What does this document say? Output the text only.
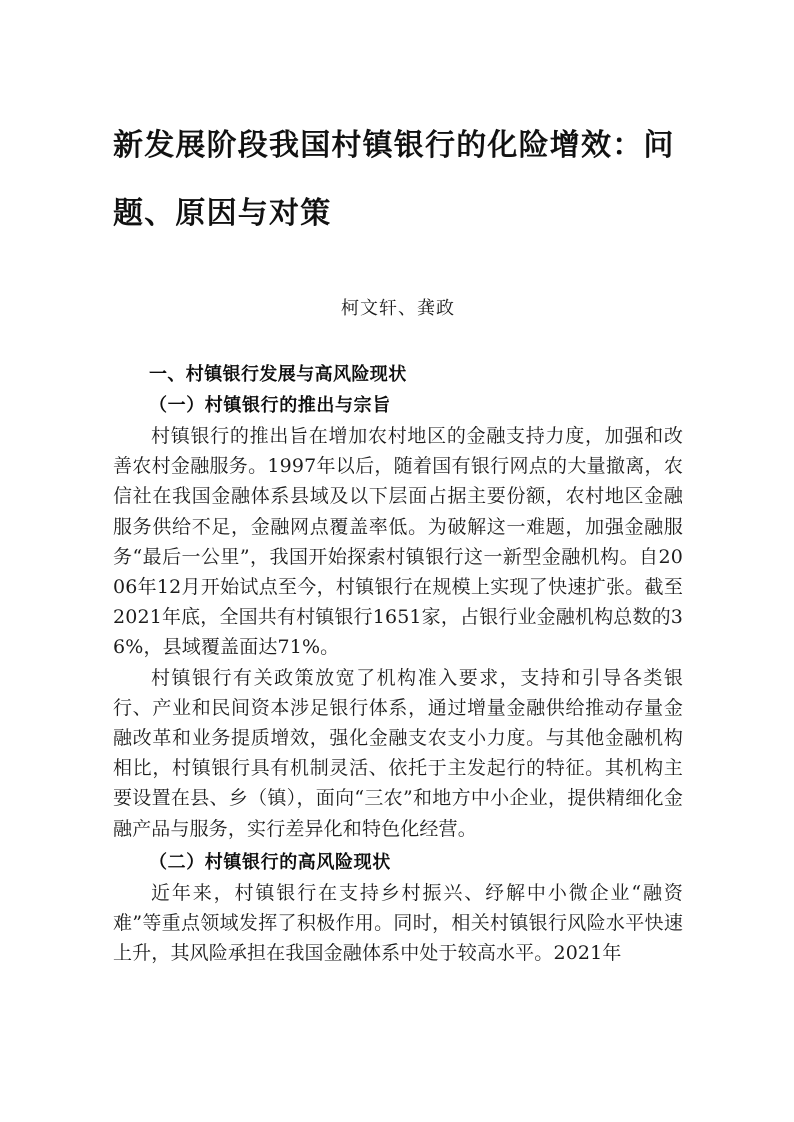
新发展阶段我国村镇银行的化险增效：问
题、原因与对策

柯文轩、龚政

一、村镇银行发展与高风险现状
（一）村镇银行的推出与宗旨

村镇银行的推出旨在增加农村地区的金融支持力度，加强和改善农村金融服务。1997年以后，随着国有银行网点的大量撤离，农信社在我国金融体系县域及以下层面占据主要份额，农村地区金融服务供给不足，金融网点覆盖率低。为破解这一难题，加强金融服务“最后一公里”，我国开始探索村镇银行这一新型金融机构。自2006年12月开始试点至今，村镇银行在规模上实现了快速扩张。截至2021年底，全国共有村镇银行1651家，占银行业金融机构总数的36%，县域覆盖面达71%。

村镇银行有关政策放宽了机构准入要求，支持和引导各类银行、产业和民间资本涉足银行体系，通过增量金融供给推动存量金融改革和业务提质增效，强化金融支农支小力度。与其他金融机构相比，村镇银行具有机制灵活、依托于主发起行的特征。其机构主要设置在县、乡（镇），面向“三农”和地方中小企业，提供精细化金融产品与服务，实行差异化和特色化经营。

（二）村镇银行的高风险现状

近年来，村镇银行在支持乡村振兴、纾解中小微企业“融资难”等重点领域发挥了积极作用。同时，相关村镇银行风险水平快速上升，其风险承担在我国金融体系中处于较高水平。2021年
